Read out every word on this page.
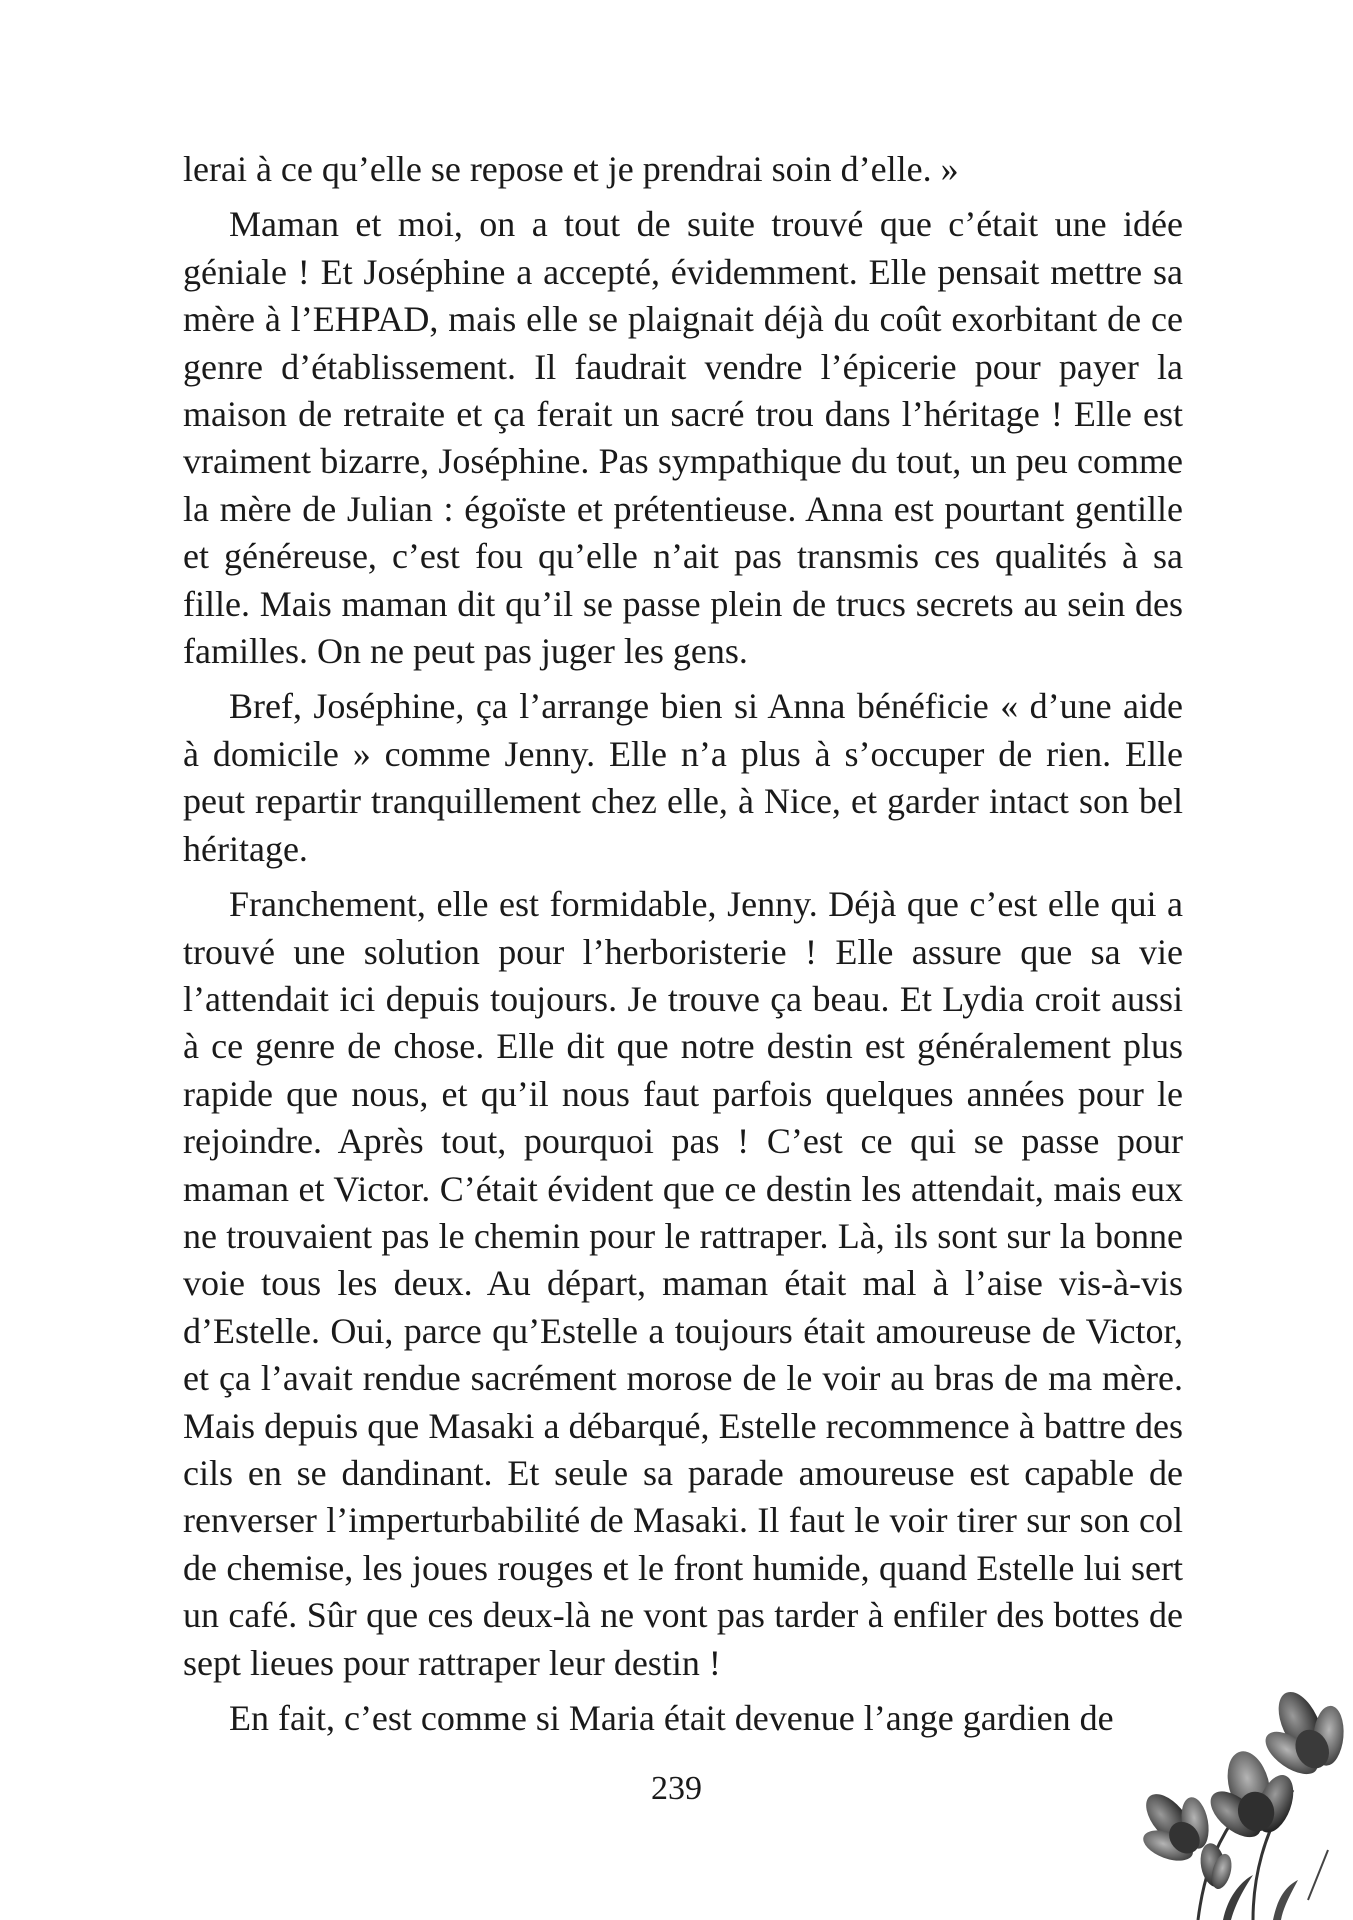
lerai à ce qu’elle se repose et je prendrai soin d’elle. »

Maman et moi, on a tout de suite trouvé que c’était une idée géniale ! Et Joséphine a accepté, évidemment. Elle pensait mettre sa mère à l’EHPAD, mais elle se plaignait déjà du coût exorbitant de ce genre d’établissement. Il faudrait vendre l’épicerie pour payer la maison de retraite et ça ferait un sacré trou dans l’héritage ! Elle est vraiment bizarre, Joséphine. Pas sympathique du tout, un peu comme la mère de Julian : égoïste et prétentieuse. Anna est pourtant gentille et généreuse, c’est fou qu’elle n’ait pas transmis ces qualités à sa fille. Mais maman dit qu’il se passe plein de trucs secrets au sein des familles. On ne peut pas juger les gens.

Bref, Joséphine, ça l’arrange bien si Anna bénéficie « d’une aide à domicile » comme Jenny. Elle n’a plus à s’occuper de rien. Elle peut repartir tranquillement chez elle, à Nice, et garder intact son bel héritage.

Franchement, elle est formidable, Jenny. Déjà que c’est elle qui a trouvé une solution pour l’herboristerie ! Elle assure que sa vie l’attendait ici depuis toujours. Je trouve ça beau. Et Lydia croit aussi à ce genre de chose. Elle dit que notre destin est généralement plus rapide que nous, et qu’il nous faut parfois quelques années pour le rejoindre. Après tout, pourquoi pas ! C’est ce qui se passe pour maman et Victor. C’était évident que ce destin les attendait, mais eux ne trouvaient pas le chemin pour le rattraper. Là, ils sont sur la bonne voie tous les deux. Au départ, maman était mal à l’aise vis-à-vis d’Estelle. Oui, parce qu’Estelle a toujours était amoureuse de Victor, et ça l’avait rendue sacrément morose de le voir au bras de ma mère. Mais depuis que Masaki a débarqué, Estelle recommence à battre des cils en se dandinant. Et seule sa parade amoureuse est capable de renverser l’imperturbabilité de Masaki. Il faut le voir tirer sur son col de chemise, les joues rouges et le front humide, quand Estelle lui sert un café. Sûr que ces deux-là ne vont pas tarder à enfiler des bottes de sept lieues pour rattraper leur destin !

En fait, c’est comme si Maria était devenue l’ange gardien de

239
